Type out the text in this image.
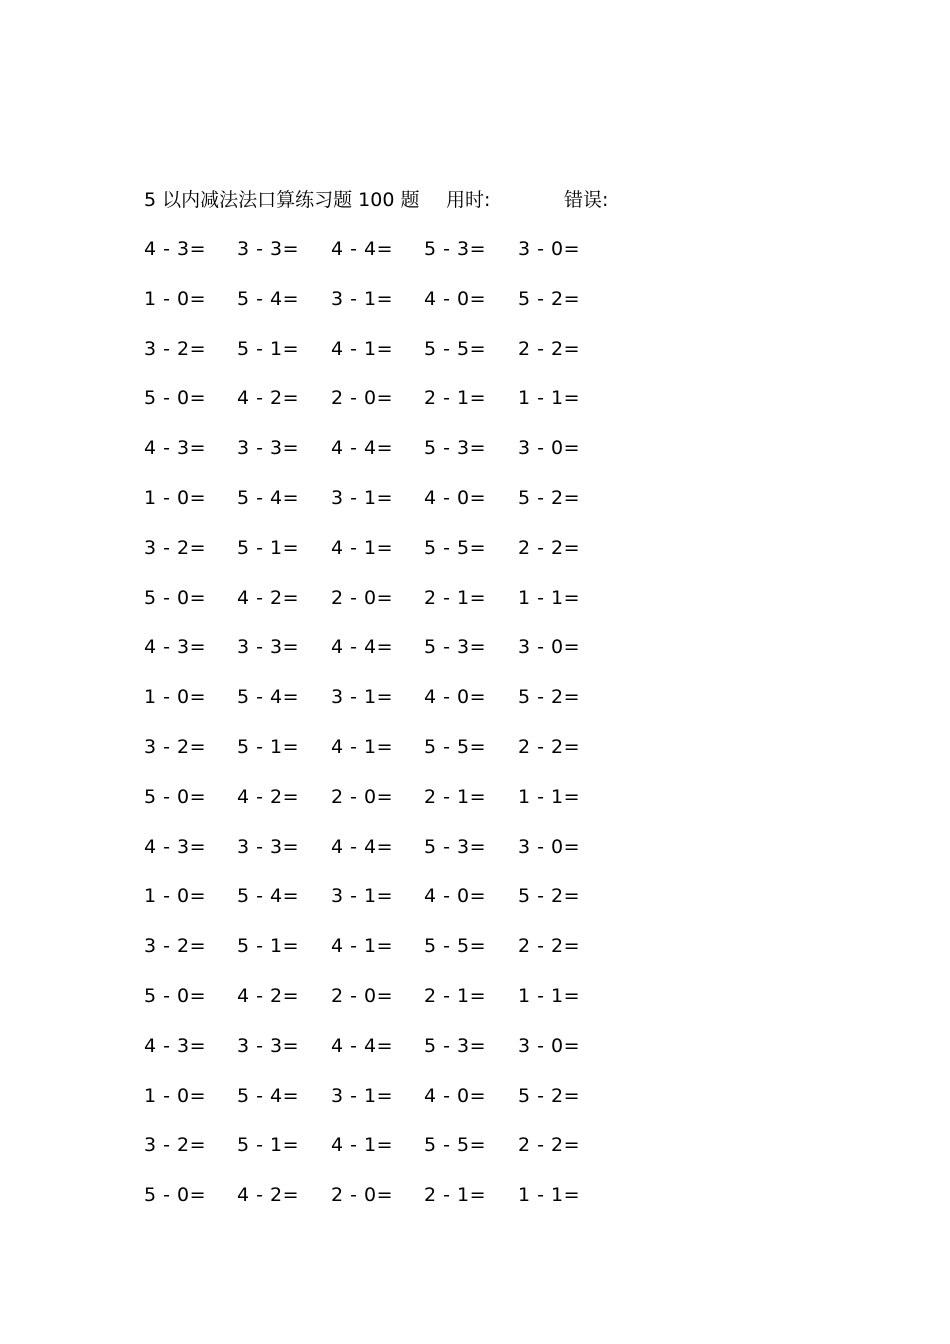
5 以内减法法口算练习题 100 题 用时:	错误:
4 - 3= 3 - 3= 4 - 4= 5 - 3= 3 - 0=
1 - 0= 5 - 4= 3 - 1= 4 - 0= 5 - 2=
3 - 2= 5 - 1= 4 - 1= 5 - 5= 2 - 2=
5 - 0= 4 - 2= 2 - 0= 2 - 1= 1 - 1=
4 - 3= 3 - 3= 4 - 4= 5 - 3= 3 - 0=
1 - 0= 5 - 4= 3 - 1= 4 - 0= 5 - 2=
3 - 2= 5 - 1= 4 - 1= 5 - 5= 2 - 2=
5 - 0= 4 - 2= 2 - 0= 2 - 1= 1 - 1=
4 - 3= 3 - 3= 4 - 4= 5 - 3= 3 - 0=
1 - 0= 5 - 4= 3 - 1= 4 - 0= 5 - 2=
3 - 2= 5 - 1= 4 - 1= 5 - 5= 2 - 2=
5 - 0= 4 - 2= 2 - 0= 2 - 1= 1 - 1=
4 - 3= 3 - 3= 4 - 4= 5 - 3= 3 - 0=
1 - 0= 5 - 4= 3 - 1= 4 - 0= 5 - 2=
3 - 2= 5 - 1= 4 - 1= 5 - 5= 2 - 2=
5 - 0= 4 - 2= 2 - 0= 2 - 1= 1 - 1=
4 - 3= 3 - 3= 4 - 4= 5 - 3= 3 - 0=
1 - 0= 5 - 4= 3 - 1= 4 - 0= 5 - 2=
3 - 2= 5 - 1= 4 - 1= 5 - 5= 2 - 2=
5 - 0= 4 - 2= 2 - 0= 2 - 1= 1 - 1=
